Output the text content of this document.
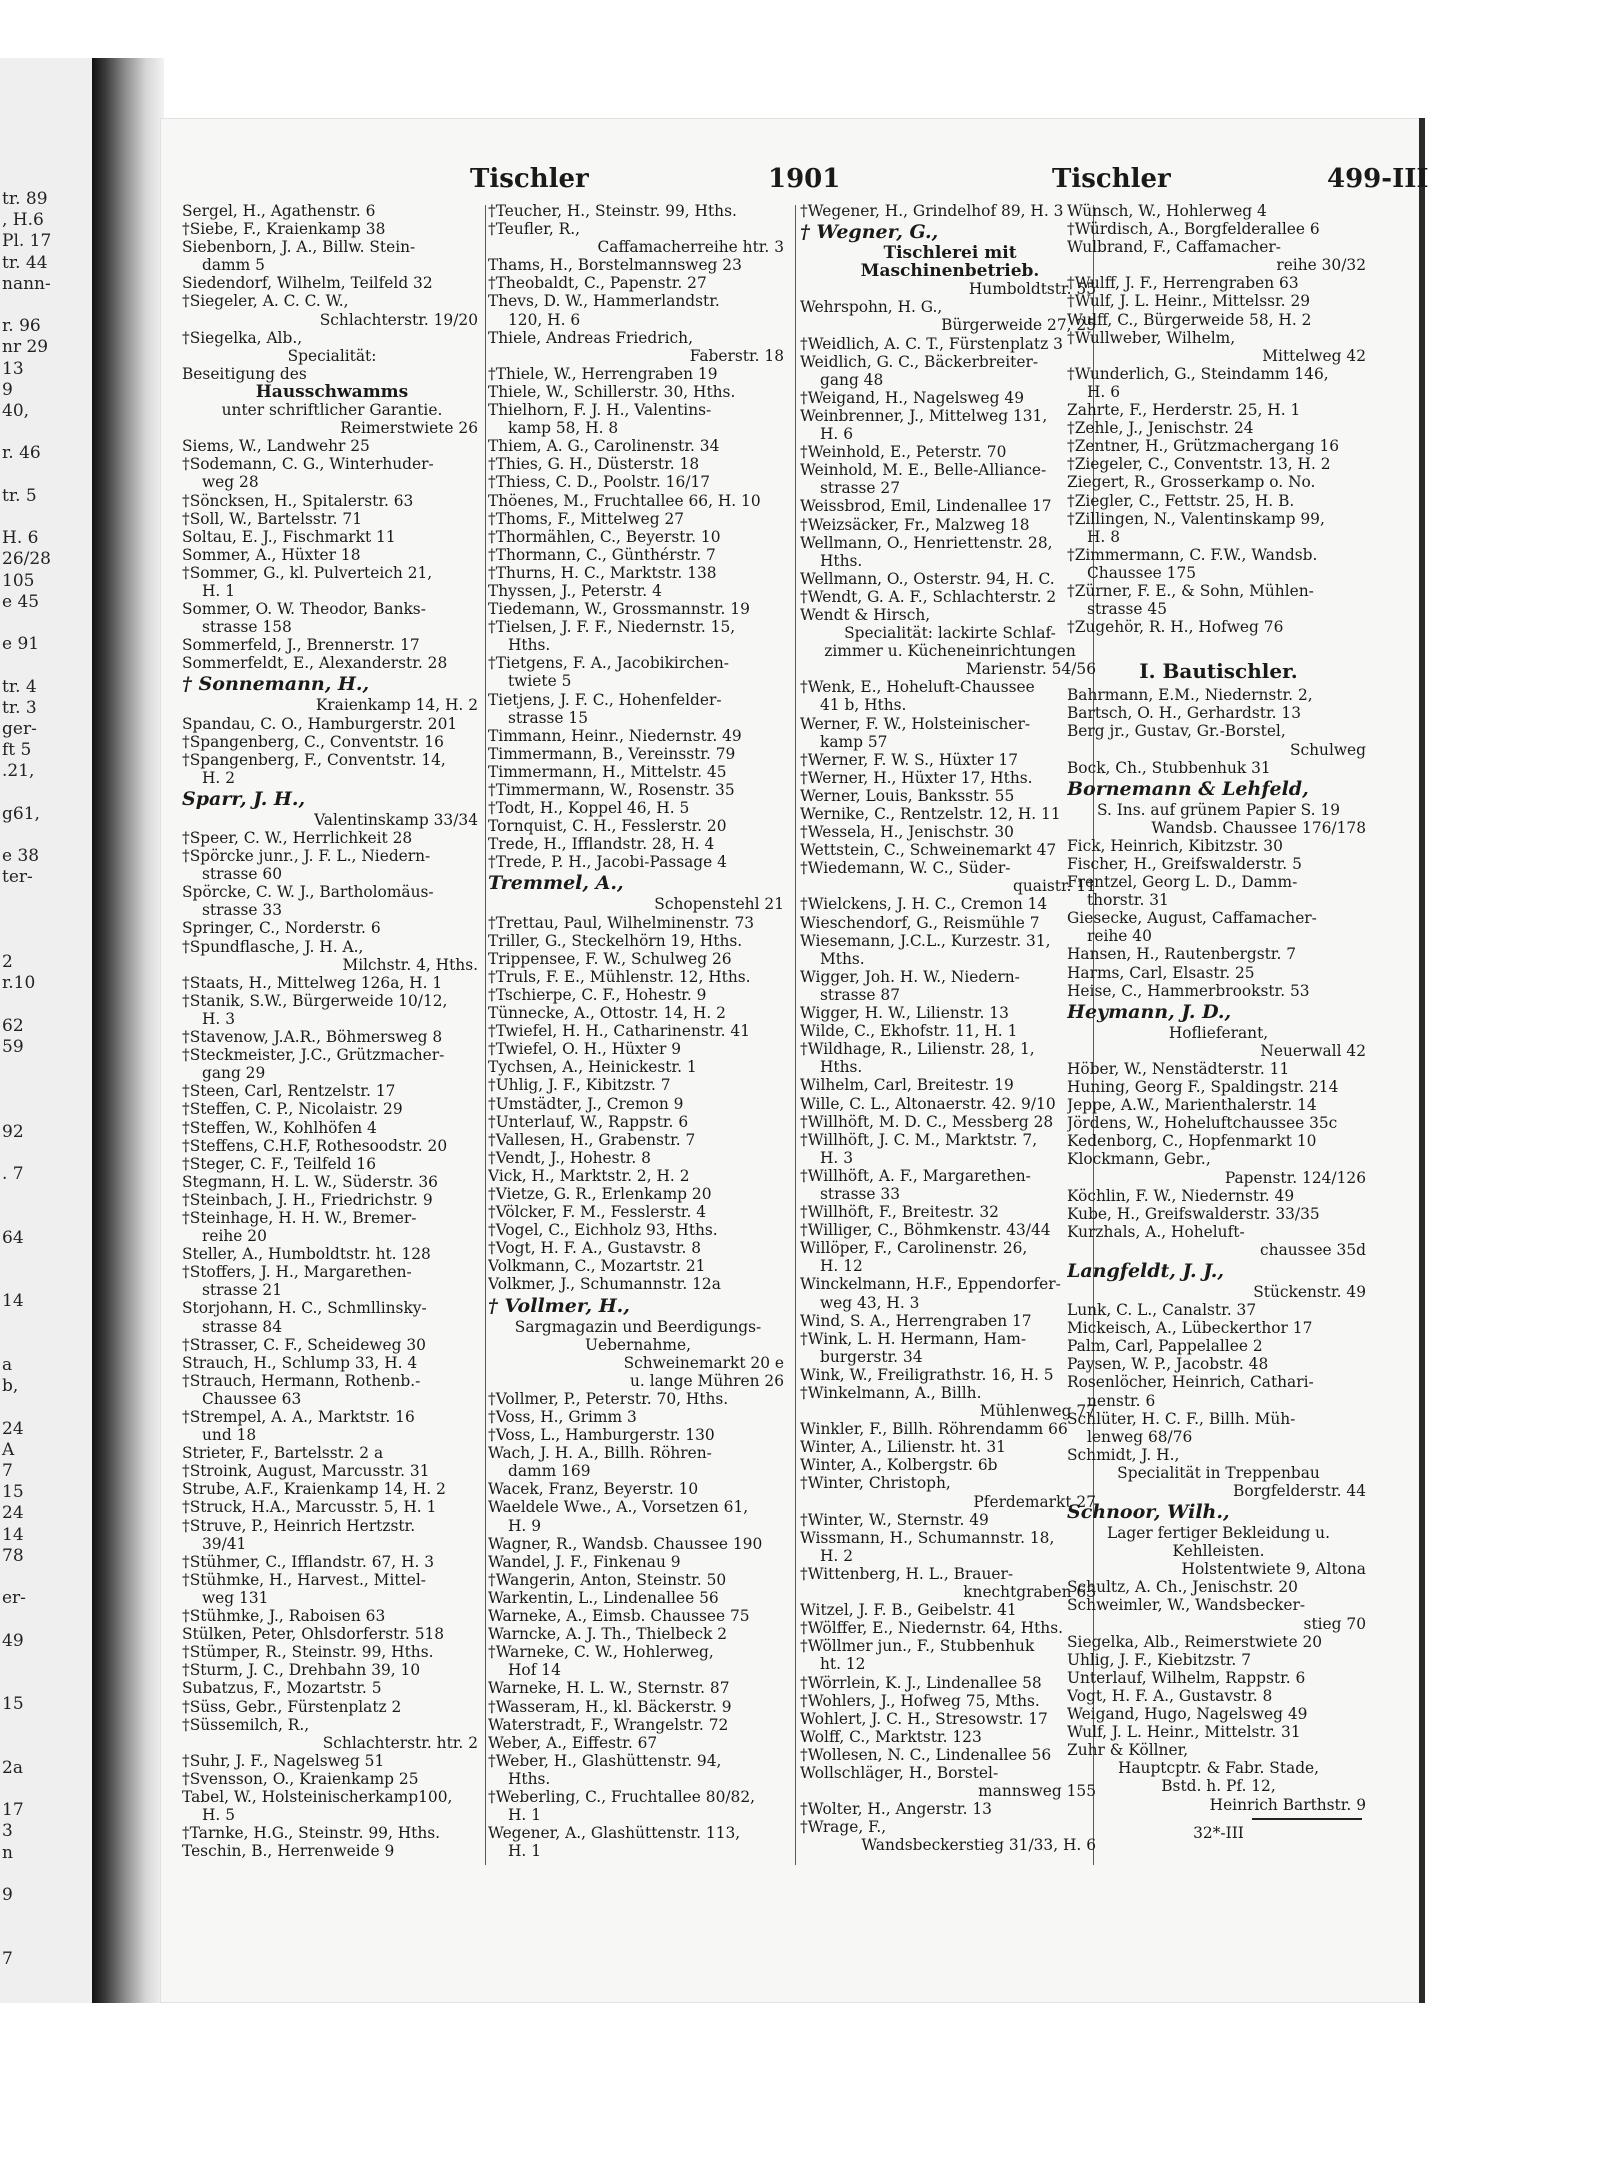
tr. 89
, H.6
Pl. 17
tr. 44
nann-
r. 96
nr 29
13
9
40,
r. 46
tr. 5
H. 6
26/28
105
e 45
e 91
tr. 4
tr. 3
ger-
ft 5
.21,
g61,
e 38
ter-
2
r.10
62
59
92
. 7
64
14
a
b,
24
A
7
15
24
14
78
er-
49
15
2a
17
3
n
9
7
Tischler	1901	Tischler	499-III
Sergel, H., Agathenstr. 6
†Siebe, F., Kraienkamp 38
Siebenborn, J. A., Billw. Stein-
damm 5
Siedendorf, Wilhelm, Teilfeld 32
†Siegeler, A. C. C. W.,
Schlachterstr. 19/20
†Siegelka, Alb.,
Specialität:
Beseitigung des
Hausschwamms
unter schriftlicher Garantie.
Reimerstwiete 26
Siems, W., Landwehr 25
†Sodemann, C. G., Winterhuder-
weg 28
†Söncksen, H., Spitalerstr. 63
†Soll, W., Bartelsstr. 71
Soltau, E. J., Fischmarkt 11
Sommer, A., Hüxter 18
†Sommer, G., kl. Pulverteich 21,
H. 1
Sommer, O. W. Theodor, Banks-
strasse 158
Sommerfeld, J., Brennerstr. 17
Sommerfeldt, E., Alexanderstr. 28
† Sonnemann, H.,
Kraienkamp 14, H. 2
Spandau, C. O., Hamburgerstr. 201
†Spangenberg, C., Conventstr. 16
†Spangenberg, F., Conventstr. 14,
H. 2
Sparr, J. H.,
Valentinskamp 33/34
†Speer, C. W., Herrlichkeit 28
†Spörcke junr., J. F. L., Niedern-
strasse 60
Spörcke, C. W. J., Bartholomäus-
strasse 33
Springer, C., Norderstr. 6
†Spundflasche, J. H. A.,
Milchstr. 4, Hths.
†Staats, H., Mittelweg 126a, H. 1
†Stanik, S.W., Bürgerweide 10/12,
H. 3
†Stavenow, J.A.R., Böhmersweg 8
†Steckmeister, J.C., Grützmacher-
gang 29
†Steen, Carl, Rentzelstr. 17
†Steffen, C. P., Nicolaistr. 29
†Steffen, W., Kohlhöfen 4
†Steffens, C.H.F, Rothesoodstr. 20
†Steger, C. F., Teilfeld 16
Stegmann, H. L. W., Süderstr. 36
†Steinbach, J. H., Friedrichstr. 9
†Steinhage, H. H. W., Bremer-
reihe 20
Steller, A., Humboldtstr. ht. 128
†Stoffers, J. H., Margarethen-
strasse 21
Storjohann, H. C., Schmllinsky-
strasse 84
†Strasser, C. F., Scheideweg 30
Strauch, H., Schlump 33, H. 4
†Strauch, Hermann, Rothenb.-
Chaussee 63
†Strempel, A. A., Marktstr. 16
und 18
Strieter, F., Bartelsstr. 2 a
†Stroink, August, Marcusstr. 31
Strube, A.F., Kraienkamp 14, H. 2
†Struck, H.A., Marcusstr. 5, H. 1
†Struve, P., Heinrich Hertzstr.
39/41
†Stühmer, C., Ifflandstr. 67, H. 3
†Stühmke, H., Harvest., Mittel-
weg 131
†Stühmke, J., Raboisen 63
Stülken, Peter, Ohlsdorferstr. 518
†Stümper, R., Steinstr. 99, Hths.
†Sturm, J. C., Drehbahn 39, 10
Subatzus, F., Mozartstr. 5
†Süss, Gebr., Fürstenplatz 2
†Süssemilch, R.,
Schlachterstr. htr. 2
†Suhr, J. F., Nagelsweg 51
†Svensson, O., Kraienkamp 25
Tabel, W., Holsteinischerkamp100,
H. 5
†Tarnke, H.G., Steinstr. 99, Hths.
Teschin, B., Herrenweide 9
†Teucher, H., Steinstr. 99, Hths.
†Teufler, R.,
Caffamacherreihe htr. 3
Thams, H., Borstelmannsweg 23
†Theobaldt, C., Papenstr. 27
Thevs, D. W., Hammerlandstr.
120, H. 6
Thiele, Andreas Friedrich,
Faberstr. 18
†Thiele, W., Herrengraben 19
Thiele, W., Schillerstr. 30, Hths.
Thielhorn, F. J. H., Valentins-
kamp 58, H. 8
Thiem, A. G., Carolinenstr. 34
†Thies, G. H., Düsterstr. 18
†Thiess, C. D., Poolstr. 16/17
Thöenes, M., Fruchtallee 66, H. 10
†Thoms, F., Mittelweg 27
†Thormählen, C., Beyerstr. 10
†Thormann, C., Günthérstr. 7
†Thurns, H. C., Marktstr. 138
Thyssen, J., Peterstr. 4
Tiedemann, W., Grossmannstr. 19
†Tielsen, J. F. F., Niedernstr. 15,
Hths.
†Tietgens, F. A., Jacobikirchen-
twiete 5
Tietjens, J. F. C., Hohenfelder-
strasse 15
Timmann, Heinr., Niedernstr. 49
Timmermann, B., Vereinsstr. 79
Timmermann, H., Mittelstr. 45
†Timmermann, W., Rosenstr. 35
†Todt, H., Koppel 46, H. 5
Tornquist, C. H., Fesslerstr. 20
Trede, H., Ifflandstr. 28, H. 4
†Trede, P. H., Jacobi-Passage 4
Tremmel, A.,
Schopenstehl 21
†Trettau, Paul, Wilhelminenstr. 73
Triller, G., Steckelhörn 19, Hths.
Trippensee, F. W., Schulweg 26
†Truls, F. E., Mühlenstr. 12, Hths.
†Tschierpe, C. F., Hohestr. 9
Tünnecke, A., Ottostr. 14, H. 2
†Twiefel, H. H., Catharinenstr. 41
†Twiefel, O. H., Hüxter 9
Tychsen, A., Heinickestr. 1
†Uhlig, J. F., Kibitzstr. 7
†Umstädter, J., Cremon 9
†Unterlauf, W., Rappstr. 6
†Vallesen, H., Grabenstr. 7
†Vendt, J., Hohestr. 8
Vick, H., Marktstr. 2, H. 2
†Vietze, G. R., Erlenkamp 20
†Völcker, F. M., Fesslerstr. 4
†Vogel, C., Eichholz 93, Hths.
†Vogt, H. F. A., Gustavstr. 8
Volkmann, C., Mozartstr. 21
Volkmer, J., Schumannstr. 12a
† Vollmer, H.,
Sargmagazin und Beerdigungs-
Uebernahme,
Schweinemarkt 20 e
u. lange Mühren 26
†Vollmer, P., Peterstr. 70, Hths.
†Voss, H., Grimm 3
†Voss, L., Hamburgerstr. 130
Wach, J. H. A., Billh. Röhren-
damm 169
Wacek, Franz, Beyerstr. 10
Waeldele Wwe., A., Vorsetzen 61,
H. 9
Wagner, R., Wandsb. Chaussee 190
Wandel, J. F., Finkenau 9
†Wangerin, Anton, Steinstr. 50
Warkentin, L., Lindenallee 56
Warneke, A., Eimsb. Chaussee 75
Warncke, A. J. Th., Thielbeck 2
†Warneke, C. W., Hohlerweg,
Hof 14
Warneke, H. L. W., Sternstr. 87
†Wasseram, H., kl. Bäckerstr. 9
Waterstradt, F., Wrangelstr. 72
Weber, A., Eiffestr. 67
†Weber, H., Glashüttenstr. 94,
Hths.
†Weberling, C., Fruchtallee 80/82,
H. 1
Wegener, A., Glashüttenstr. 113,
H. 1
†Wegener, H., Grindelhof 89, H. 3
† Wegner, G.,
Tischlerei mit
Maschinenbetrieb.
Humboldtstr. 55
Wehrspohn, H. G.,
Bürgerweide 27, 25
†Weidlich, A. C. T., Fürstenplatz 3
Weidlich, G. C., Bäckerbreiter-
gang 48
†Weigand, H., Nagelsweg 49
Weinbrenner, J., Mittelweg 131,
H. 6
†Weinhold, E., Peterstr. 70
Weinhold, M. E., Belle-Alliance-
strasse 27
Weissbrod, Emil, Lindenallee 17
†Weizsäcker, Fr., Malzweg 18
Wellmann, O., Henriettenstr. 28,
Hths.
Wellmann, O., Osterstr. 94, H. C.
†Wendt, G. A. F., Schlachterstr. 2
Wendt & Hirsch,
Specialität: lackirte Schlaf-
zimmer u. Kücheneinrichtungen
Marienstr. 54/56
†Wenk, E., Hoheluft-Chaussee
41 b, Hths.
Werner, F. W., Holsteinischer-
kamp 57
†Werner, F. W. S., Hüxter 17
†Werner, H., Hüxter 17, Hths.
Werner, Louis, Banksstr. 55
Wernike, C., Rentzelstr. 12, H. 11
†Wessela, H., Jenischstr. 30
Wettstein, C., Schweinemarkt 47
†Wiedemann, W. C., Süder-
quaistr. 11
†Wielckens, J. H. C., Cremon 14
Wieschendorf, G., Reismühle 7
Wiesemann, J.C.L., Kurzestr. 31,
Mths.
Wigger, Joh. H. W., Niedern-
strasse 87
Wigger, H. W., Lilienstr. 13
Wilde, C., Ekhofstr. 11, H. 1
†Wildhage, R., Lilienstr. 28, 1,
Hths.
Wilhelm, Carl, Breitestr. 19
Wille, C. L., Altonaerstr. 42. 9/10
†Willhöft, M. D. C., Messberg 28
†Willhöft, J. C. M., Marktstr. 7,
H. 3
†Willhöft, A. F., Margarethen-
strasse 33
†Willhöft, F., Breitestr. 32
†Williger, C., Böhmkenstr. 43/44
Willöper, F., Carolinenstr. 26,
H. 12
Winckelmann, H.F., Eppendorfer-
weg 43, H. 3
Wind, S. A., Herrengraben 17
†Wink, L. H. Hermann, Ham-
burgerstr. 34
Wink, W., Freiligrathstr. 16, H. 5
†Winkelmann, A., Billh.
Mühlenweg 77
Winkler, F., Billh. Röhrendamm 66
Winter, A., Lilienstr. ht. 31
Winter, A., Kolbergstr. 6b
†Winter, Christoph,
Pferdemarkt 27
†Winter, W., Sternstr. 49
Wissmann, H., Schumannstr. 18,
H. 2
†Wittenberg, H. L., Brauer-
knechtgraben 63
Witzel, J. F. B., Geibelstr. 41
†Wölffer, E., Niedernstr. 64, Hths.
†Wöllmer jun., F., Stubbenhuk
ht. 12
†Wörrlein, K. J., Lindenallee 58
†Wohlers, J., Hofweg 75, Mths.
Wohlert, J. C. H., Stresowstr. 17
Wolff, C., Marktstr. 123
†Wollesen, N. C., Lindenallee 56
Wollschläger, H., Borstel-
mannsweg 155
†Wolter, H., Angerstr. 13
†Wrage, F.,
Wandsbeckerstieg 31/33, H. 6
Wünsch, W., Hohlerweg 4
†Würdisch, A., Borgfelderallee 6
Wulbrand, F., Caffamacher-
reihe 30/32
†Wulff, J. F., Herrengraben 63
†Wulf, J. L. Heinr., Mittelssr. 29
Wulff, C., Bürgerweide 58, H. 2
†Wullweber, Wilhelm,
Mittelweg 42
†Wunderlich, G., Steindamm 146,
H. 6
Zahrte, F., Herderstr. 25, H. 1
†Zehle, J., Jenischstr. 24
†Zentner, H., Grützmachergang 16
†Ziegeler, C., Conventstr. 13, H. 2
Ziegert, R., Grosserkamp o. No.
†Ziegler, C., Fettstr. 25, H. B.
†Zillingen, N., Valentinskamp 99,
H. 8
†Zimmermann, C. F.W., Wandsb.
Chaussee 175
†Zürner, F. E., & Sohn, Mühlen-
strasse 45
†Zugehör, R. H., Hofweg 76
I. Bautischler.
Bahrmann, E.M., Niedernstr. 2,
Bartsch, O. H., Gerhardstr. 13
Berg jr., Gustav, Gr.-Borstel,
Schulweg
Bock, Ch., Stubbenhuk 31
Bornemann & Lehfeld,
S. Ins. auf grünem Papier S. 19
Wandsb. Chaussee 176/178
Fick, Heinrich, Kibitzstr. 30
Fischer, H., Greifswalderstr. 5
Frentzel, Georg L. D., Damm-
thorstr. 31
Giesecke, August, Caffamacher-
reihe 40
Hansen, H., Rautenbergstr. 7
Harms, Carl, Elsastr. 25
Heise, C., Hammerbrookstr. 53
Heymann, J. D.,
Hoflieferant,
Neuerwall 42
Höber, W., Nenstädterstr. 11
Huning, Georg F., Spaldingstr. 214
Jeppe, A.W., Marienthalerstr. 14
Jördens, W., Hoheluftchaussee 35c
Kedenborg, C., Hopfenmarkt 10
Klockmann, Gebr.,
Papenstr. 124/126
Köchlin, F. W., Niedernstr. 49
Kube, H., Greifswalderstr. 33/35
Kurzhals, A., Hoheluft-
chaussee 35d
Langfeldt, J. J.,
Stückenstr. 49
Lunk, C. L., Canalstr. 37
Mickeisch, A., Lübeckerthor 17
Palm, Carl, Pappelallee 2
Paysen, W. P., Jacobstr. 48
Rosenlöcher, Heinrich, Cathari-
nenstr. 6
Schlüter, H. C. F., Billh. Müh-
lenweg 68/76
Schmidt, J. H.,
Specialität in Treppenbau
Borgfelderstr. 44
Schnoor, Wilh.,
Lager fertiger Bekleidung u.
Kehlleisten.
Holstentwiete 9, Altona
Schultz, A. Ch., Jenischstr. 20
Schweimler, W., Wandsbecker-
stieg 70
Siegelka, Alb., Reimerstwiete 20
Uhlig, J. F., Kiebitzstr. 7
Unterlauf, Wilhelm, Rappstr. 6
Vogt, H. F. A., Gustavstr. 8
Weigand, Hugo, Nagelsweg 49
Wulf, J. L. Heinr., Mittelstr. 31
Zuhr & Köllner,
Hauptcptr. & Fabr. Stade,
Bstd. h. Pf. 12,
Heinrich Barthstr. 9
32*-III
